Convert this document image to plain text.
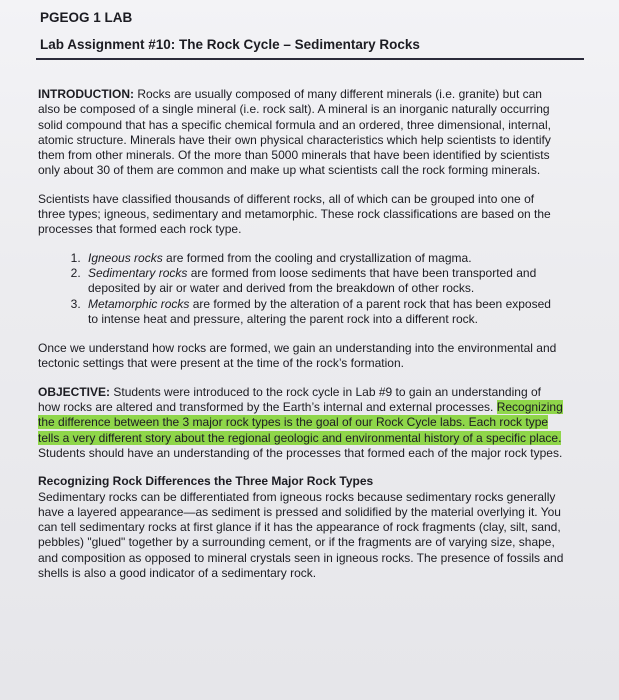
PGEOG 1 LAB
Lab Assignment #10: The Rock Cycle – Sedimentary Rocks

INTRODUCTION: Rocks are usually composed of many different minerals (i.e. granite) but can also be composed of a single mineral (i.e. rock salt). A mineral is an inorganic naturally occurring solid compound that has a specific chemical formula and an ordered, three dimensional, internal, atomic structure. Minerals have their own physical characteristics which help scientists to identify them from other minerals. Of the more than 5000 minerals that have been identified by scientists only about 30 of them are common and make up what scientists call the rock forming minerals.

Scientists have classified thousands of different rocks, all of which can be grouped into one of three types; igneous, sedimentary and metamorphic. These rock classifications are based on the processes that formed each rock type.

1. Igneous rocks are formed from the cooling and crystallization of magma.
2. Sedimentary rocks are formed from loose sediments that have been transported and deposited by air or water and derived from the breakdown of other rocks.
3. Metamorphic rocks are formed by the alteration of a parent rock that has been exposed to intense heat and pressure, altering the parent rock into a different rock.

Once we understand how rocks are formed, we gain an understanding into the environmental and tectonic settings that were present at the time of the rock’s formation.

OBJECTIVE: Students were introduced to the rock cycle in Lab #9 to gain an understanding of how rocks are altered and transformed by the Earth’s internal and external processes. Recognizing the difference between the 3 major rock types is the goal of our Rock Cycle labs. Each rock type tells a very different story about the regional geologic and environmental history of a specific place. Students should have an understanding of the processes that formed each of the major rock types.

Recognizing Rock Differences the Three Major Rock Types
Sedimentary rocks can be differentiated from igneous rocks because sedimentary rocks generally have a layered appearance—as sediment is pressed and solidified by the material overlying it. You can tell sedimentary rocks at first glance if it has the appearance of rock fragments (clay, silt, sand, pebbles) "glued" together by a surrounding cement, or if the fragments are of varying size, shape, and composition as opposed to mineral crystals seen in igneous rocks. The presence of fossils and shells is also a good indicator of a sedimentary rock.
